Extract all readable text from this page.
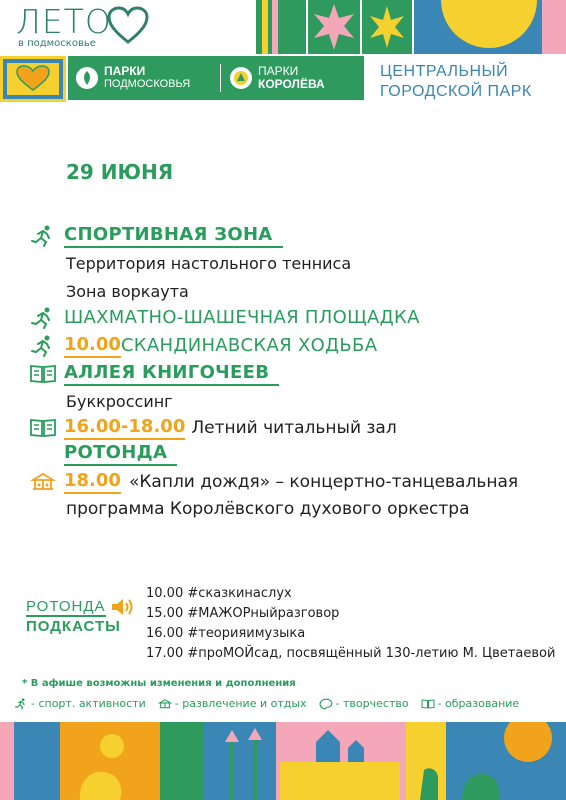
ЛЕТО
в подмосковье
ПАРКИ
ПОДМОСКОВЬЯ
ПАРКИ
КОРОЛЁВА
ЦЕНТРАЛЬНЫЙ
ГОРОДСКОЙ ПАРК
29 ИЮНЯ
СПОРТИВНАЯ ЗОНА
Территория настольного тенниса
Зона воркаута
ШАХМАТНО-ШАШЕЧНАЯ ПЛОЩАДКА
10.00 СКАНДИНАВСКАЯ ХОДЬБА
АЛЛЕЯ КНИГОЧЕЕВ
Буккроссинг
16.00-18.00 Летний читальный зал
РОТОНДА
18.00 «Капли дождя» – концертно-танцевальная
программа Королёвского духового оркестра
РОТОНДА
ПОДКАСТЫ
10.00 #сказкинаслух
15.00 #МАЖОРныйразговор
16.00 #теорияимузыка
17.00 #проМОЙсад, посвящённый 130-летию М. Цветаевой
* В афише возможны изменения и дополнения
- спорт. активности	- развлечение и отдых	- творчество	- образование
